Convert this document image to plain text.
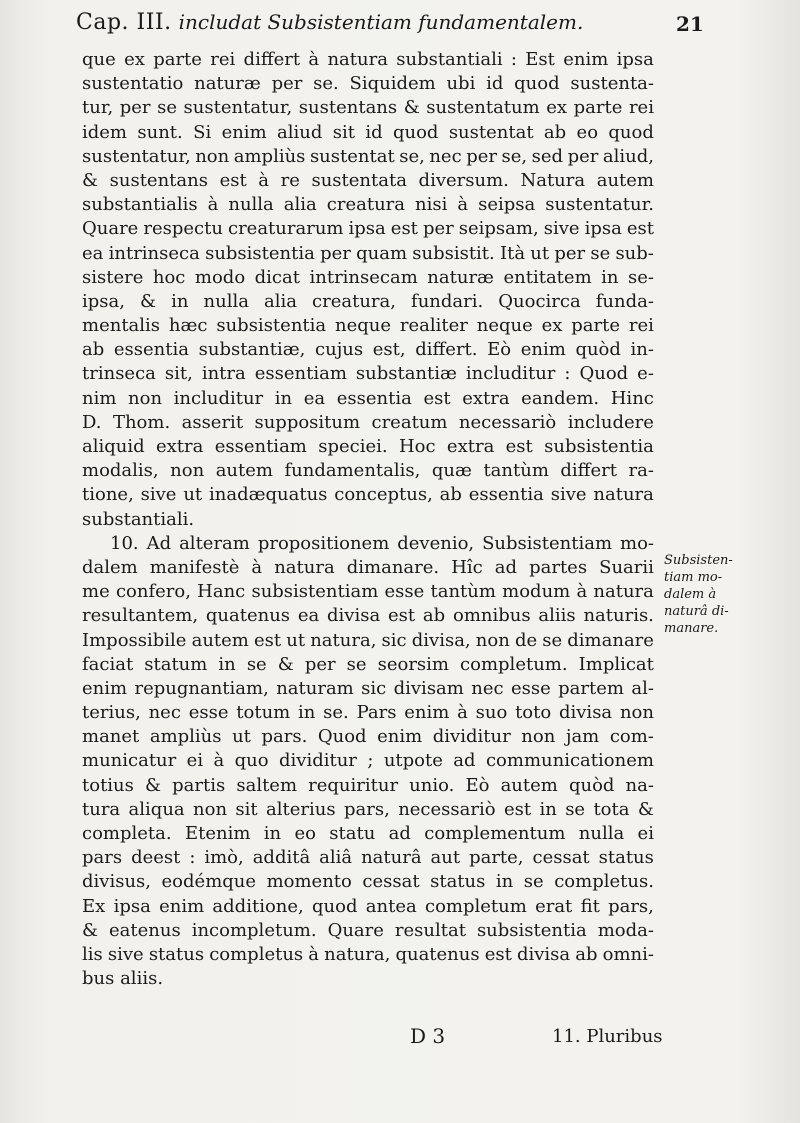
Cap. III. includat Subsistentiam fundamentalem.	21
que ex parte rei differt à natura substantiali : Est enim ipsa
sustentatio naturæ per se. Siquidem ubi id quod sustenta-
tur, per se sustentatur, sustentans & sustentatum ex parte rei
idem sunt. Si enim aliud sit id quod sustentat ab eo quod
sustentatur, non ampliùs sustentat se, nec per se, sed per aliud,
& sustentans est à re sustentata diversum. Natura autem
substantialis à nulla alia creatura nisi à seipsa sustentatur.
Quare respectu creaturarum ipsa est per seipsam, sive ipsa est
ea intrinseca subsistentia per quam subsistit. Ità ut per se sub-
sistere hoc modo dicat intrinsecam naturæ entitatem in se-
ipsa, & in nulla alia creatura, fundari. Quocirca funda-
mentalis hæc subsistentia neque realiter neque ex parte rei
ab essentia substantiæ, cujus est, differt. Eò enim quòd in-
trinseca sit, intra essentiam substantiæ includitur : Quod e-
nim non includitur in ea essentia est extra eandem. Hinc
D. Thom. asserit suppositum creatum necessariò includere
aliquid extra essentiam speciei. Hoc extra est subsistentia
modalis, non autem fundamentalis, quæ tantùm differt ra-
tione, sive ut inadæquatus conceptus, ab essentia sive natura
substantiali.
10. Ad alteram propositionem devenio, Subsistentiam mo-
dalem manifestè à natura dimanare. Hîc ad partes Suarii
me confero, Hanc subsistentiam esse tantùm modum à natura
resultantem, quatenus ea divisa est ab omnibus aliis naturis.
Impossibile autem est ut natura, sic divisa, non de se dimanare
faciat statum in se & per se seorsim completum. Implicat
enim repugnantiam, naturam sic divisam nec esse partem al-
terius, nec esse totum in se. Pars enim à suo toto divisa non
manet ampliùs ut pars. Quod enim dividitur non jam com-
municatur ei à quo dividitur ; utpote ad communicationem
totius & partis saltem requiritur unio. Eò autem quòd na-
tura aliqua non sit alterius pars, necessariò est in se tota &
completa. Etenim in eo statu ad complementum nulla ei
pars deest : imò, additâ aliâ naturâ aut parte, cessat status
divisus, eodémque momento cessat status in se completus.
Ex ipsa enim additione, quod antea completum erat fit pars,
& eatenus incompletum. Quare resultat subsistentia moda-
lis sive status completus à natura, quatenus est divisa ab omni-
bus aliis.
Subsisten-
tiam mo-
dalem à
naturâ di-
manare.
D 3	11. Pluribus
